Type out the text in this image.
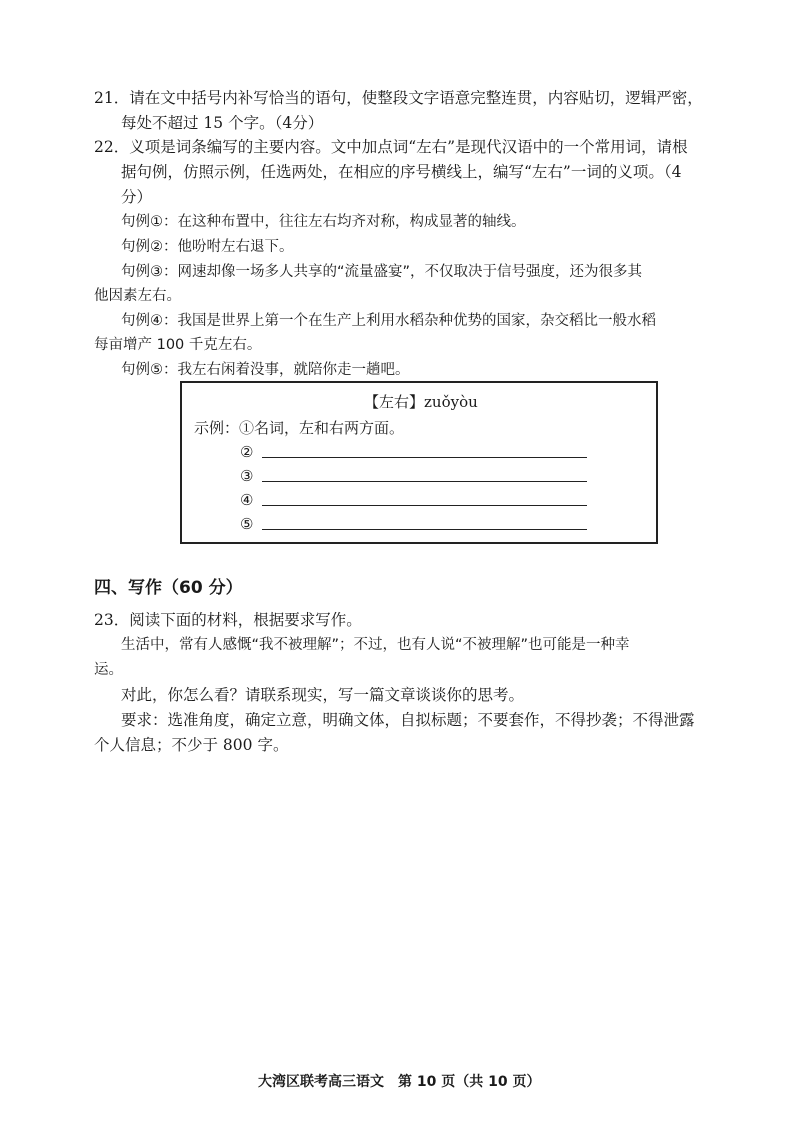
21．请在文中括号内补写恰当的语句，使整段文字语意完整连贯，内容贴切，逻辑严密，
每处不超过 15 个字。（4分）
22．义项是词条编写的主要内容。文中加点词“左右”是现代汉语中的一个常用词，请根
据句例，仿照示例，任选两处，在相应的序号横线上，编写“左右”一词的义项。（4
分）
句例①：在这种布置中，往往左右均齐对称，构成显著的轴线。
句例②：他吩咐左右退下。
句例③：网速却像一场多人共享的“流量盛宴”，不仅取决于信号强度，还为很多其
他因素左右。
句例④：我国是世界上第一个在生产上利用水稻杂种优势的国家，杂交稻比一般水稻
每亩增产 100 千克左右。
句例⑤：我左右闲着没事，就陪你走一趟吧。
【左右】zuǒyòu
示例：①名词，左和右两方面。
②
③
④
⑤
四、写作（60 分）
23．阅读下面的材料，根据要求写作。
生活中，常有人感慨“我不被理解”；不过，也有人说“不被理解”也可能是一种幸
运。
对此，你怎么看？请联系现实，写一篇文章谈谈你的思考。
要求：选准角度，确定立意，明确文体，自拟标题；不要套作，不得抄袭；不得泄露
个人信息；不少于 800 字。
大湾区联考高三语文　第 10 页（共 10 页）
